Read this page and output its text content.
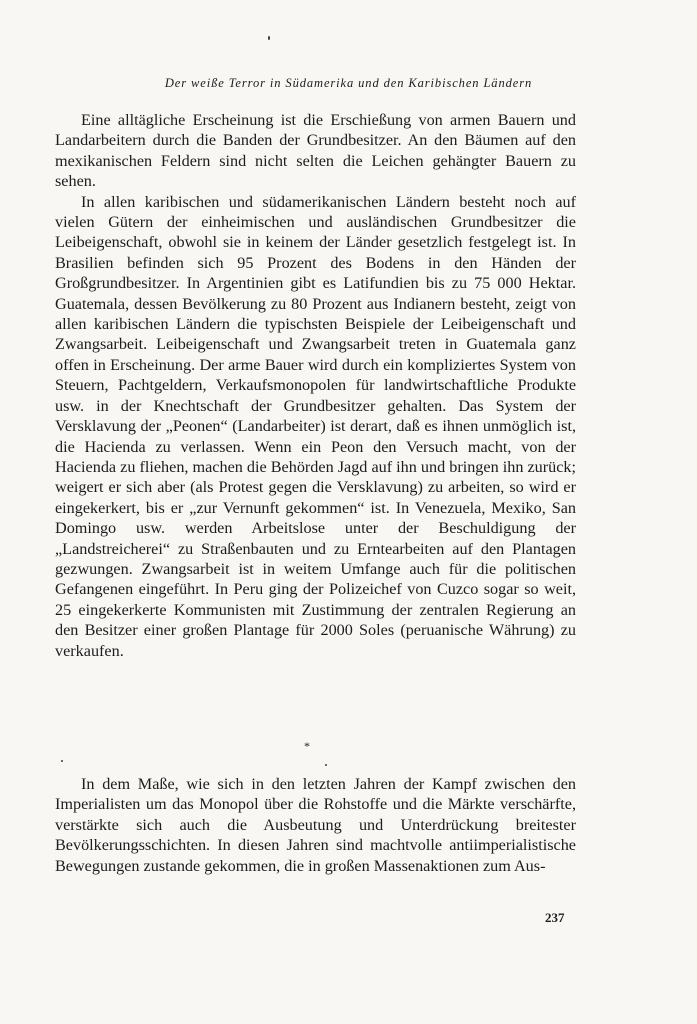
Der weiße Terror in Südamerika und den Karibischen Ländern

Eine alltägliche Erscheinung ist die Erschießung von armen Bauern und Landarbeitern durch die Banden der Grundbesitzer. An den Bäumen auf den mexikanischen Feldern sind nicht selten die Leichen gehängter Bauern zu sehen.

In allen karibischen und südamerikanischen Ländern besteht noch auf vielen Gütern der einheimischen und ausländischen Grundbesitzer die Leibeigenschaft, obwohl sie in keinem der Länder gesetzlich festgelegt ist. In Brasilien befinden sich 95 Prozent des Bodens in den Händen der Großgrundbesitzer. In Argentinien gibt es Latifundien bis zu 75 000 Hektar. Guatemala, dessen Bevölkerung zu 80 Prozent aus Indianern besteht, zeigt von allen karibischen Ländern die typischsten Beispiele der Leibeigenschaft und Zwangsarbeit. Leibeigenschaft und Zwangsarbeit treten in Guatemala ganz offen in Erscheinung. Der arme Bauer wird durch ein kompliziertes System von Steuern, Pachtgeldern, Verkaufsmonopolen für landwirtschaftliche Produkte usw. in der Knechtschaft der Grundbesitzer gehalten. Das System der Versklavung der „Peonen“ (Landarbeiter) ist derart, daß es ihnen unmöglich ist, die Hacienda zu verlassen. Wenn ein Peon den Versuch macht, von der Hacienda zu fliehen, machen die Behörden Jagd auf ihn und bringen ihn zurück; weigert er sich aber (als Protest gegen die Versklavung) zu arbeiten, so wird er eingekerkert, bis er „zur Vernunft gekommen“ ist. In Venezuela, Mexiko, San Domingo usw. werden Arbeitslose unter der Beschuldigung der „Landstreicherei“ zu Straßenbauten und zu Erntearbeiten auf den Plantagen gezwungen. Zwangsarbeit ist in weitem Umfange auch für die politischen Gefangenen eingeführt. In Peru ging der Polizeichef von Cuzco sogar so weit, 25 eingekerkerte Kommunisten mit Zustimmung der zentralen Regierung an den Besitzer einer großen Plantage für 2000 Soles (peruanische Währung) zu verkaufen.

*

In dem Maße, wie sich in den letzten Jahren der Kampf zwischen den Imperialisten um das Monopol über die Rohstoffe und die Märkte verschärfte, verstärkte sich auch die Ausbeutung und Unterdrückung breitester Bevölkerungsschichten. In diesen Jahren sind machtvolle antiimperialistische Bewegungen zustande gekommen, die in großen Massenaktionen zum Aus-

237
